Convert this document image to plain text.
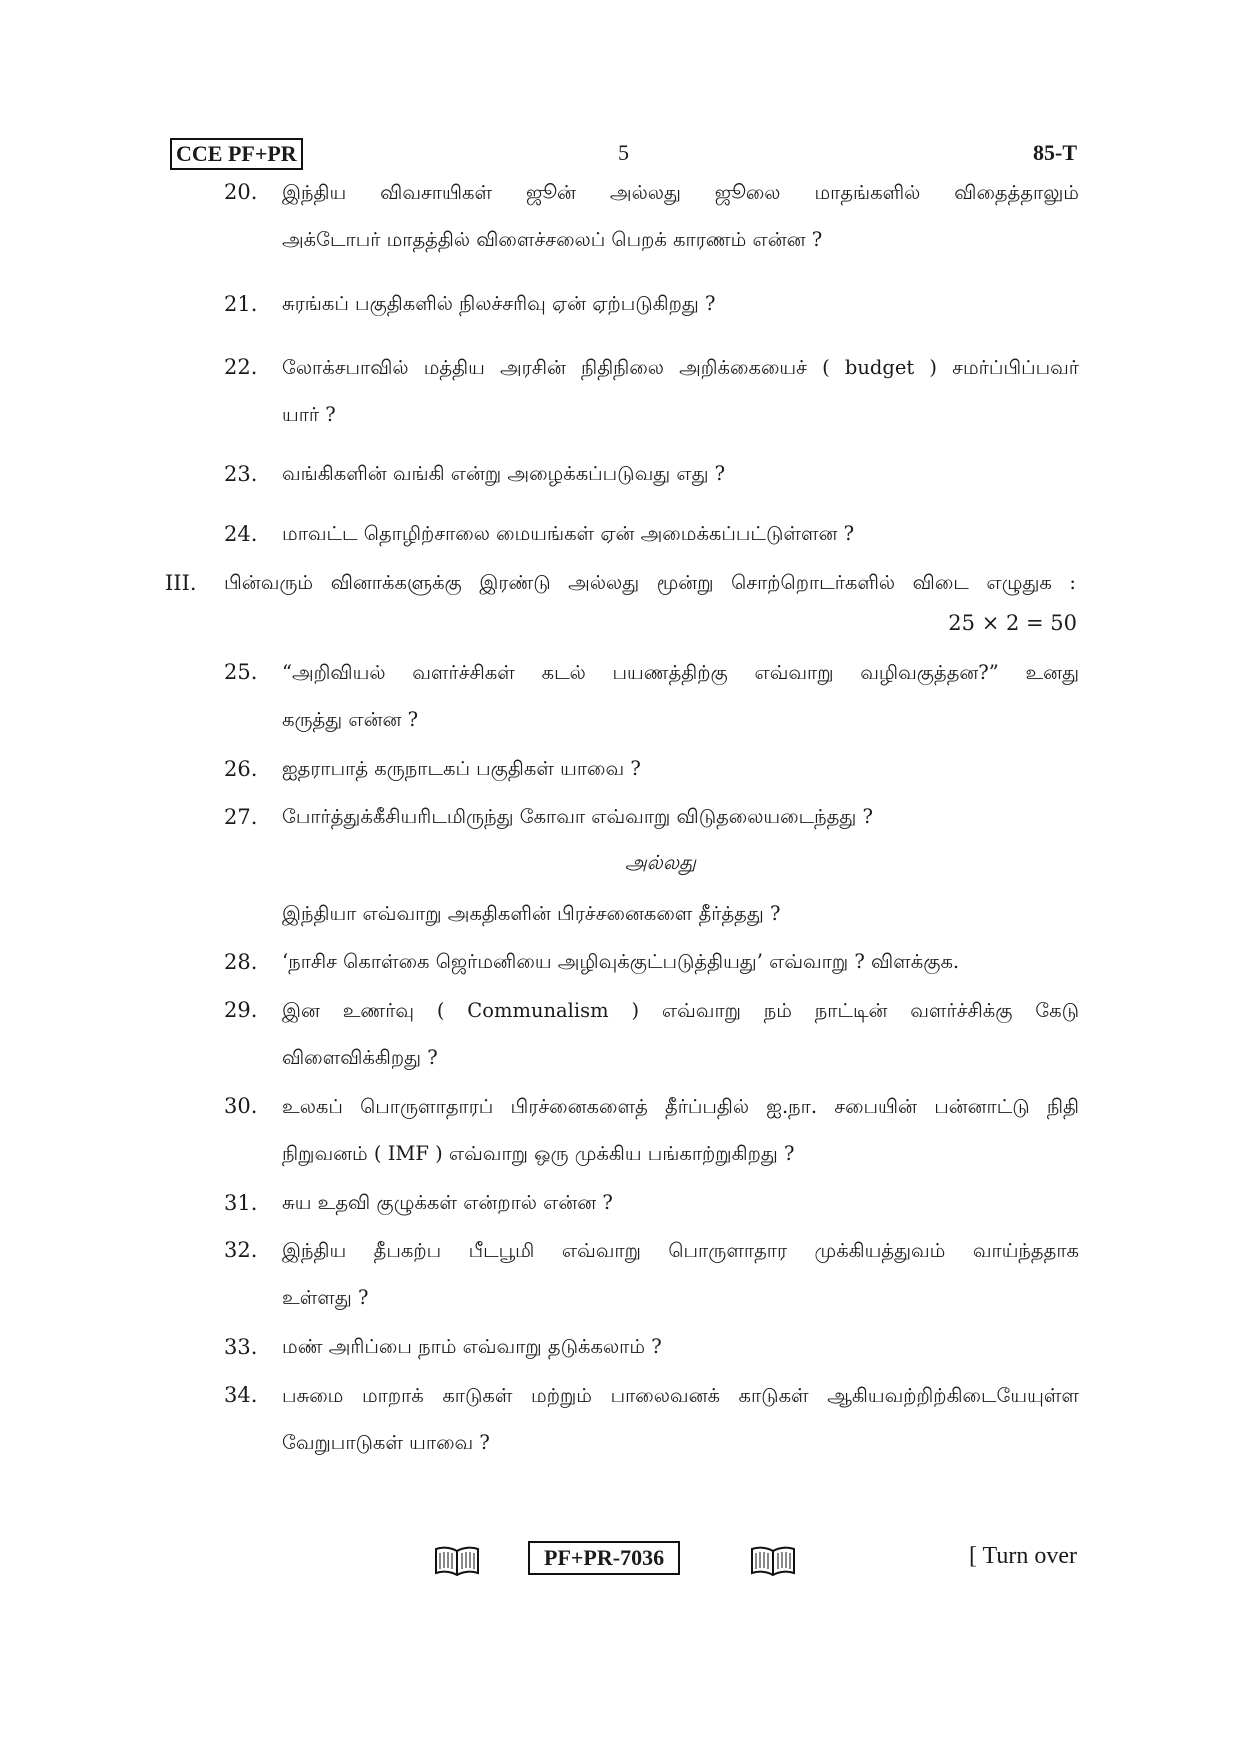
CCE PF+PR	5	85-T
20.	இந்திய விவசாயிகள் ஜூன் அல்லது ஜூலை மாதங்களில் விதைத்தாலும்
அக்டோபர் மாதத்தில் விளைச்சலைப் பெறக் காரணம் என்ன ?
21.	சுரங்கப் பகுதிகளில் நிலச்சரிவு ஏன் ஏற்படுகிறது ?
22.	லோக்சபாவில் மத்திய அரசின் நிதிநிலை அறிக்கையைச் ( budget ) சமர்ப்பிப்பவர்
யார் ?
23.	வங்கிகளின் வங்கி என்று அழைக்கப்படுவது எது ?
24.	மாவட்ட தொழிற்சாலை மையங்கள் ஏன் அமைக்கப்பட்டுள்ளன ?
III. பின்வரும் வினாக்களுக்கு இரண்டு அல்லது மூன்று சொற்றொடர்களில் விடை எழுதுக :
25 × 2 = 50
25.	“அறிவியல் வளர்ச்சிகள் கடல் பயணத்திற்கு எவ்வாறு வழிவகுத்தன?” உனது
கருத்து என்ன ?
26.	ஐதராபாத் கருநாடகப் பகுதிகள் யாவை ?
27.	போர்த்துக்கீசியரிடமிருந்து கோவா எவ்வாறு விடுதலையடைந்தது ?
அல்லது
இந்தியா எவ்வாறு அகதிகளின் பிரச்சனைகளை தீர்த்தது ?
28.	‘நாசிச கொள்கை ஜெர்மனியை அழிவுக்குட்படுத்தியது’ எவ்வாறு ? விளக்குக.
29.	இன உணர்வு ( Communalism ) எவ்வாறு நம் நாட்டின் வளர்ச்சிக்கு கேடு
விளைவிக்கிறது ?
30.	உலகப் பொருளாதாரப் பிரச்னைகளைத் தீர்ப்பதில் ஐ.நா. சபையின் பன்னாட்டு நிதி
நிறுவனம் ( IMF ) எவ்வாறு ஒரு முக்கிய பங்காற்றுகிறது ?
31.	சுய உதவி குழுக்கள் என்றால் என்ன ?
32.	இந்திய தீபகற்ப பீடபூமி எவ்வாறு பொருளாதார முக்கியத்துவம் வாய்ந்ததாக
உள்ளது ?
33.	மண் அரிப்பை நாம் எவ்வாறு தடுக்கலாம் ?
34.	பசுமை மாறாக் காடுகள் மற்றும் பாலைவனக் காடுகள் ஆகியவற்றிற்கிடையேயுள்ள
வேறுபாடுகள் யாவை ?
PF+PR-7036	[ Turn over
